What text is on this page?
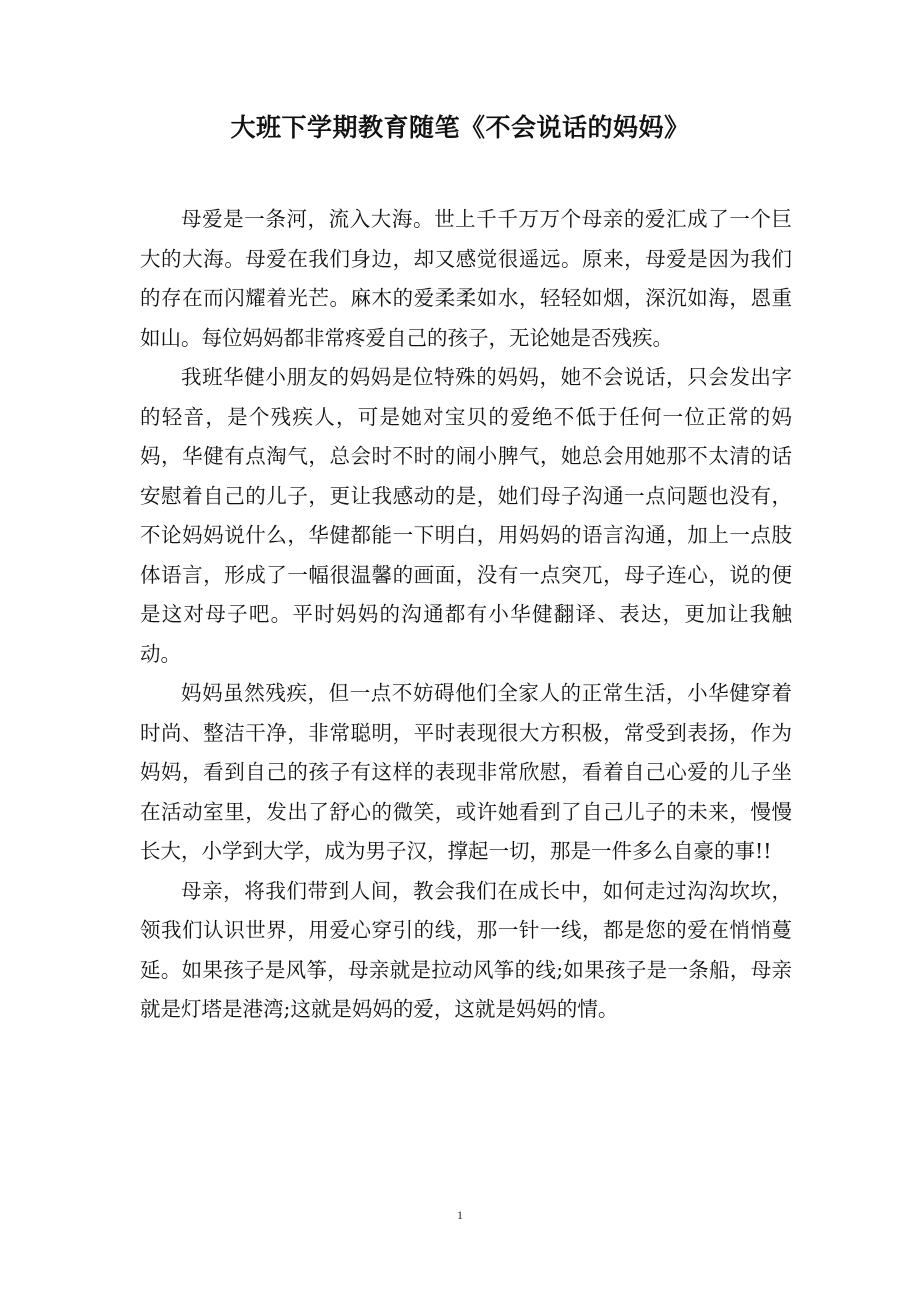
大班下学期教育随笔《不会说话的妈妈》

母爱是一条河，流入大海。世上千千万万个母亲的爱汇成了一个巨大的大海。母爱在我们身边，却又感觉很遥远。原来，母爱是因为我们的存在而闪耀着光芒。麻木的爱柔柔如水，轻轻如烟，深沉如海，恩重如山。每位妈妈都非常疼爱自己的孩子，无论她是否残疾。

我班华健小朋友的妈妈是位特殊的妈妈，她不会说话，只会发出字的轻音，是个残疾人，可是她对宝贝的爱绝不低于任何一位正常的妈妈，华健有点淘气，总会时不时的闹小脾气，她总会用她那不太清的话安慰着自己的儿子，更让我感动的是，她们母子沟通一点问题也没有，不论妈妈说什么，华健都能一下明白，用妈妈的语言沟通，加上一点肢体语言，形成了一幅很温馨的画面，没有一点突兀，母子连心，说的便是这对母子吧。平时妈妈的沟通都有小华健翻译、表达，更加让我触动。

妈妈虽然残疾，但一点不妨碍他们全家人的正常生活，小华健穿着时尚、整洁干净，非常聪明，平时表现很大方积极，常受到表扬，作为妈妈，看到自己的孩子有这样的表现非常欣慰，看着自己心爱的儿子坐在活动室里，发出了舒心的微笑，或许她看到了自己儿子的未来，慢慢长大，小学到大学，成为男子汉，撑起一切，那是一件多么自豪的事!!

母亲，将我们带到人间，教会我们在成长中，如何走过沟沟坎坎，领我们认识世界，用爱心穿引的线，那一针一线，都是您的爱在悄悄蔓延。如果孩子是风筝，母亲就是拉动风筝的线;如果孩子是一条船，母亲就是灯塔是港湾;这就是妈妈的爱，这就是妈妈的情。

1
